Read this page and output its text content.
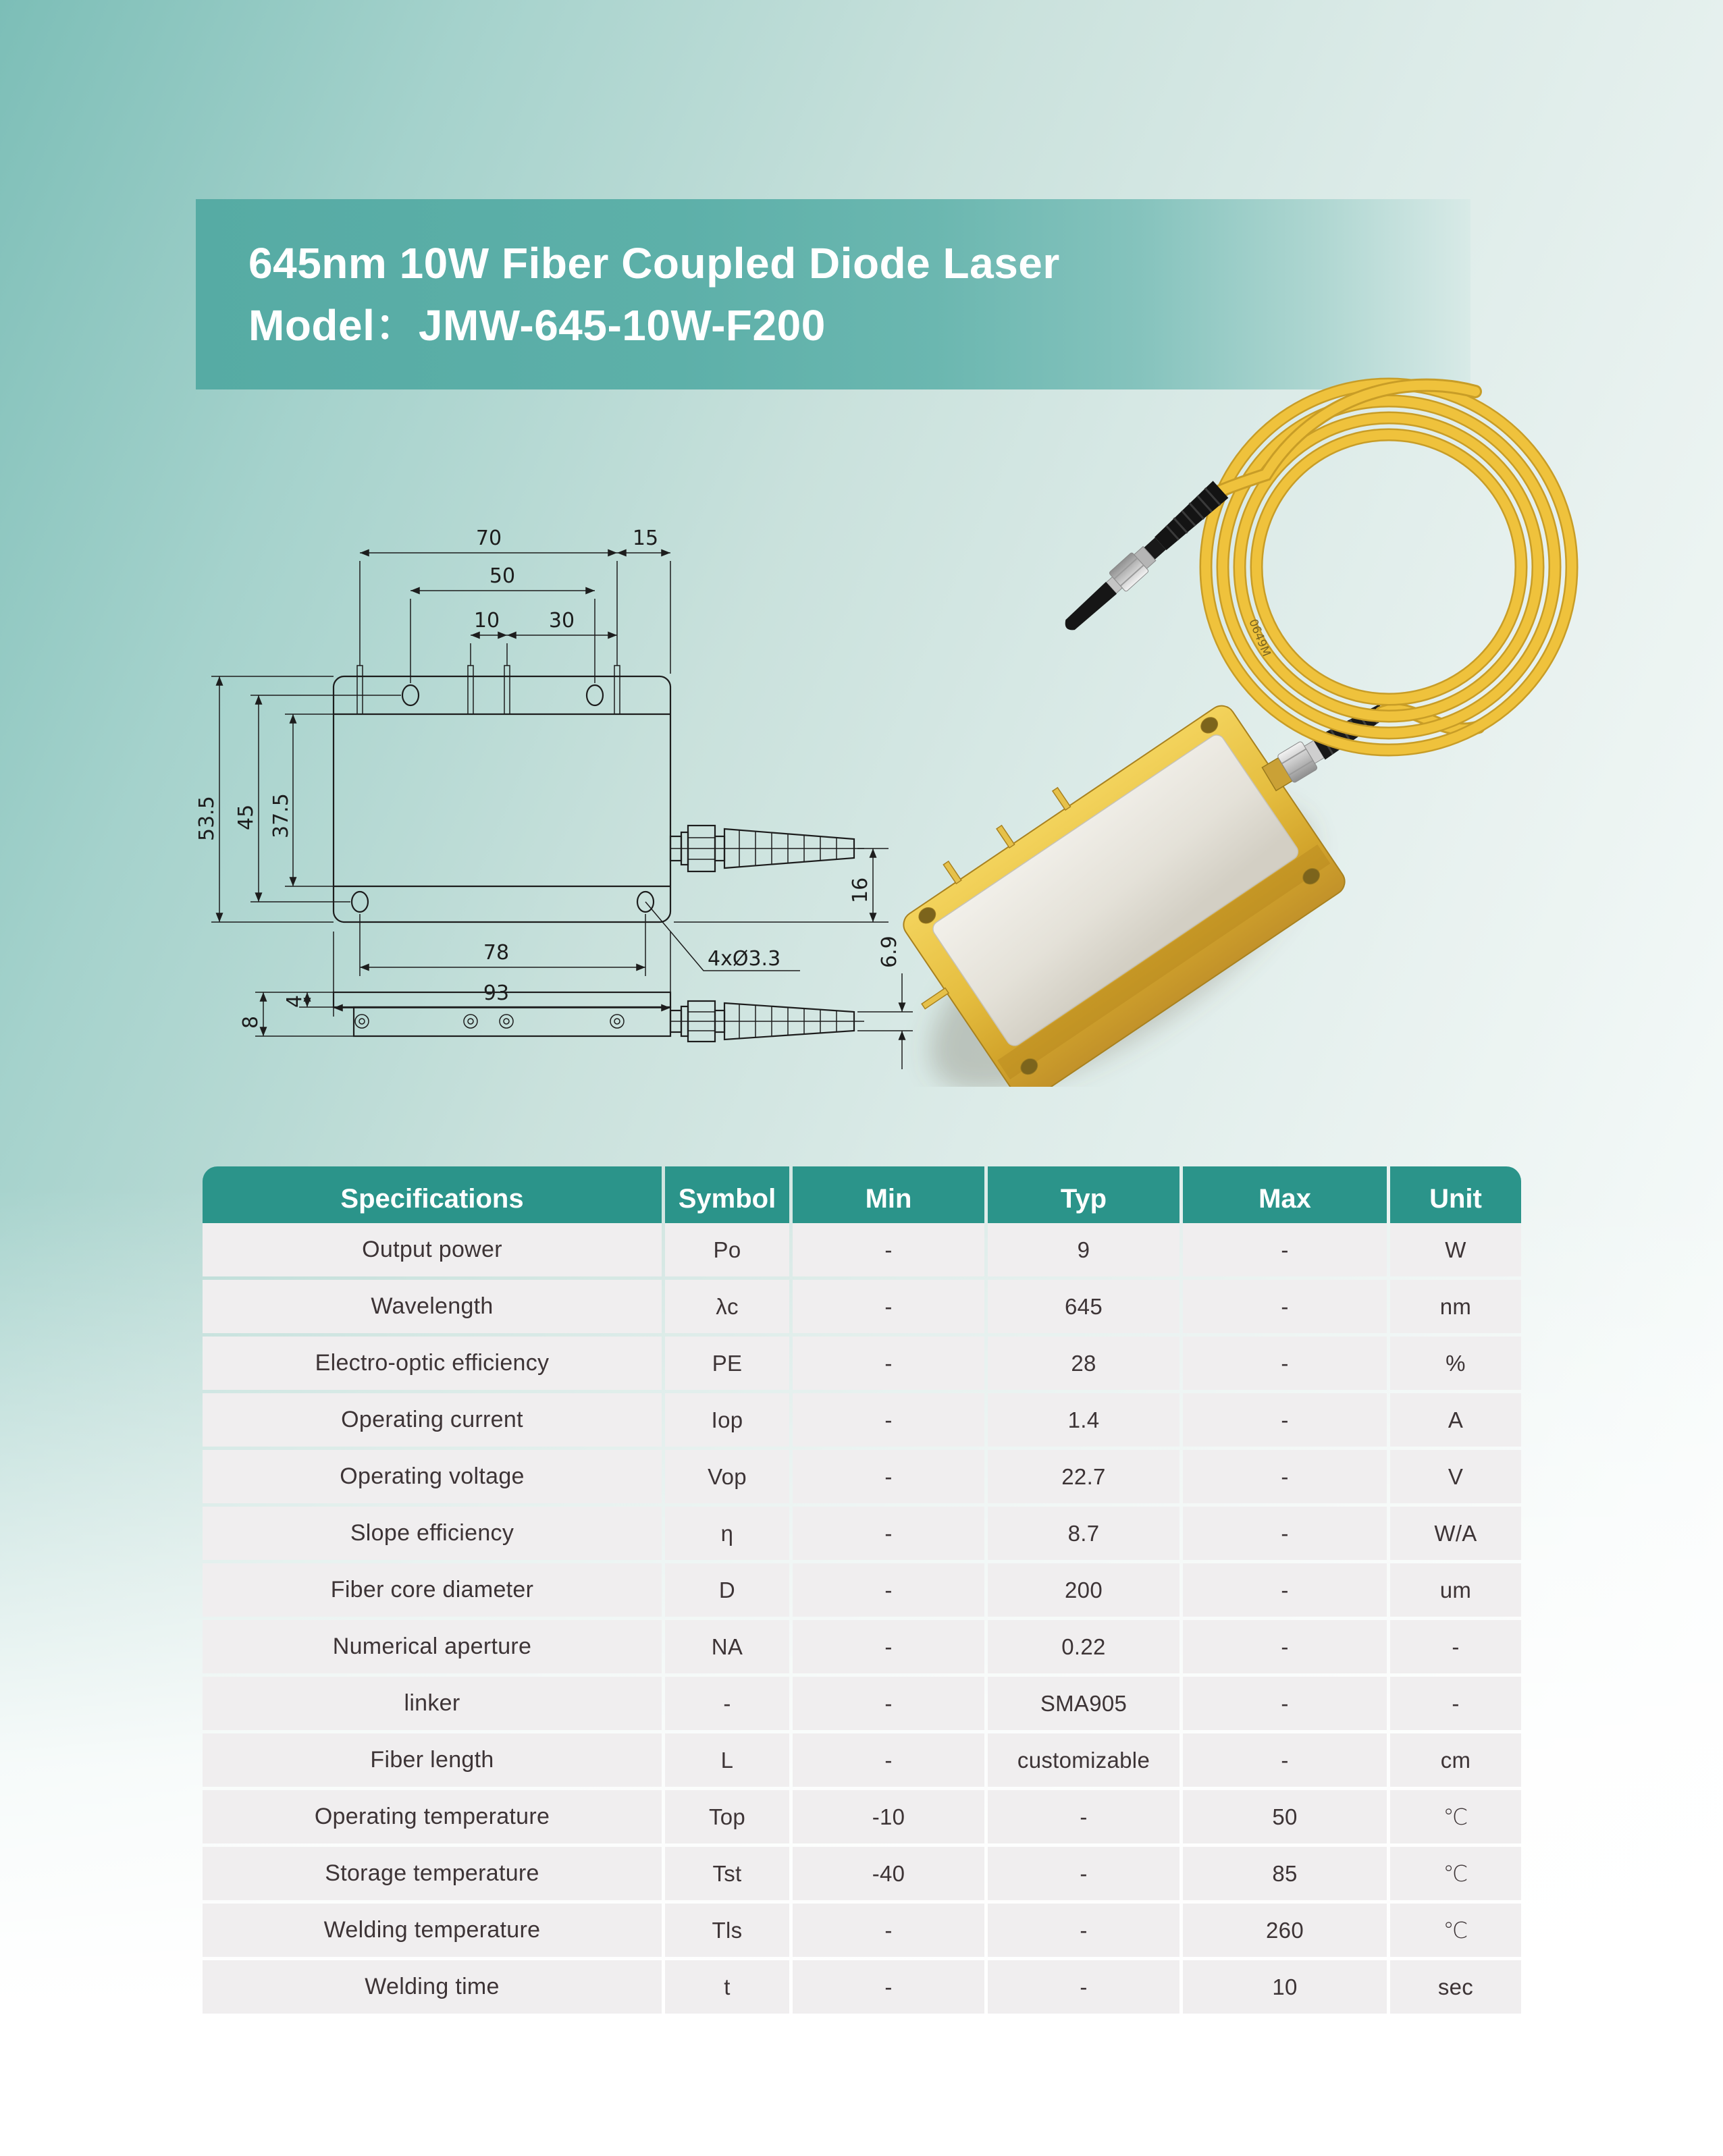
645nm 10W Fiber Coupled Diode Laser
Model：JMW-645-10W-F200
70	15
50
10 30
53.5 45 37.5
78
93
16
4xØ3.3
8
4
6.9
0649M
Specifications	Symbol	Min	Typ	Max	Unit
Output power	Po	-	9	-	W
Wavelength	λc	-	645	-	nm
Electro-optic efficiency	PE	-	28	-	%
Operating current	Iop	-	1.4	-	A
Operating voltage	Vop	-	22.7	-	V
Slope efficiency	η	-	8.7	-	W/A
Fiber core diameter	D	-	200	-	um
Numerical aperture	NA	-	0.22	-	-
linker	-	-	SMA905	-	-
Fiber length	L	-	customizable	-	cm
Operating temperature	Top	-10	-	50	℃
Storage temperature	Tst	-40	-	85	℃
Welding temperature	Tls	-	-	260	℃
Welding time	t	-	-	10	sec
